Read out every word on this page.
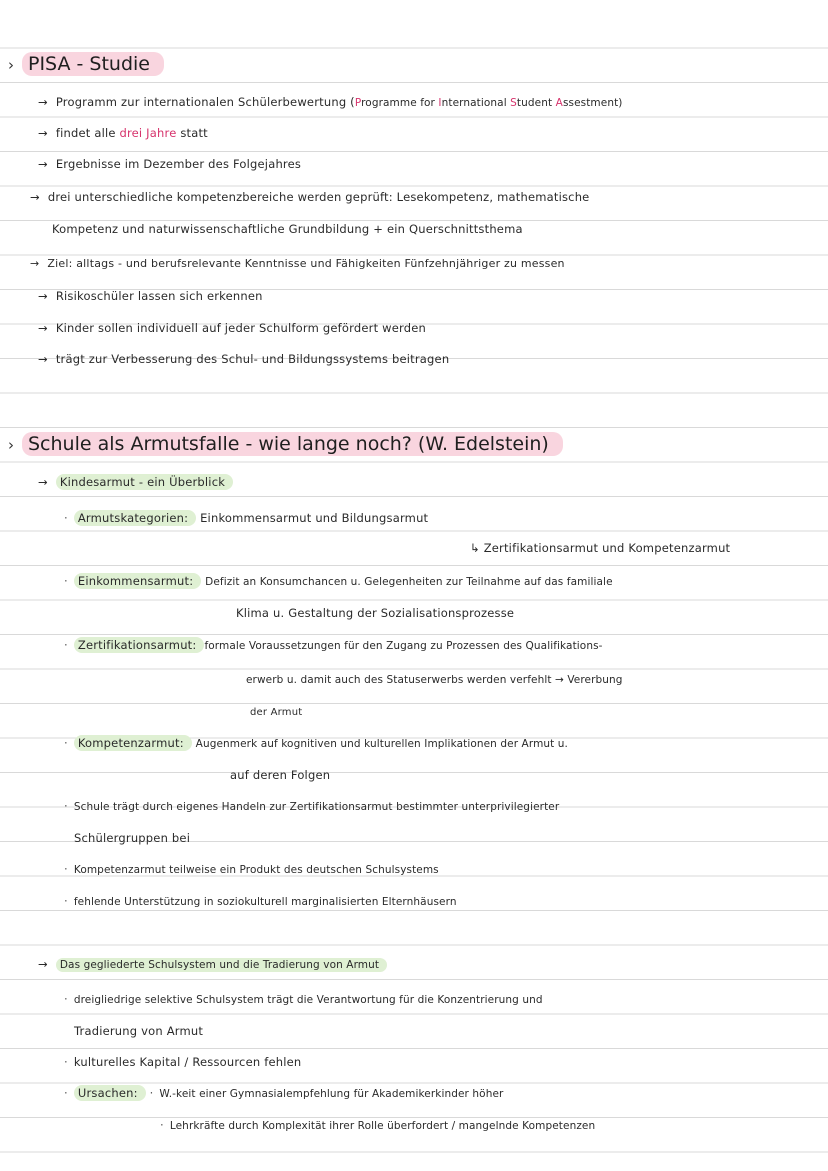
› PISA - Studie
→ Programm zur internationalen Schülerbewertung (Programme for International Student Assestment)
→ findet alle drei Jahre statt
→ Ergebnisse im Dezember des Folgejahres
→ drei unterschiedliche kompetenzbereiche werden geprüft: Lesekompetenz, mathematische
Kompetenz und naturwissenschaftliche Grundbildung + ein Querschnittsthema
→ Ziel: alltags - und berufsrelevante Kenntnisse und Fähigkeiten Fünfzehnjähriger zu messen
→ Risikoschüler lassen sich erkennen
→ Kinder sollen individuell auf jeder Schulform gefördert werden
→ trägt zur Verbesserung des Schul- und Bildungssystems beitragen
› Schule als Armutsfalle - wie lange noch? (W. Edelstein)
→ Kindesarmut - ein Überblick
· Armutskategorien: Einkommensarmut und Bildungsarmut
↳ Zertifikationsarmut und Kompetenzarmut
· Einkommensarmut: Defizit an Konsumchancen u. Gelegenheiten zur Teilnahme auf das familiale
Klima u. Gestaltung der Sozialisationsprozesse
· Zertifikationsarmut: formale Voraussetzungen für den Zugang zu Prozessen des Qualifikations-
erwerb u. damit auch des Statuserwerbs werden verfehlt → Vererbung
der Armut
· Kompetenzarmut: Augenmerk auf kognitiven und kulturellen Implikationen der Armut u.
auf deren Folgen
· Schule trägt durch eigenes Handeln zur Zertifikationsarmut bestimmter unterprivilegierter
Schülergruppen bei
· Kompetenzarmut teilweise ein Produkt des deutschen Schulsystems
· fehlende Unterstützung in soziokulturell marginalisierten Elternhäusern
→ Das gegliederte Schulsystem und die Tradierung von Armut
· dreigliedrige selektive Schulsystem trägt die Verantwortung für die Konzentrierung und
Tradierung von Armut
· kulturelles Kapital / Ressourcen fehlen
· Ursachen: · W.-keit einer Gymnasialempfehlung für Akademikerkinder höher
· Lehrkräfte durch Komplexität ihrer Rolle überfordert / mangelnde Kompetenzen
